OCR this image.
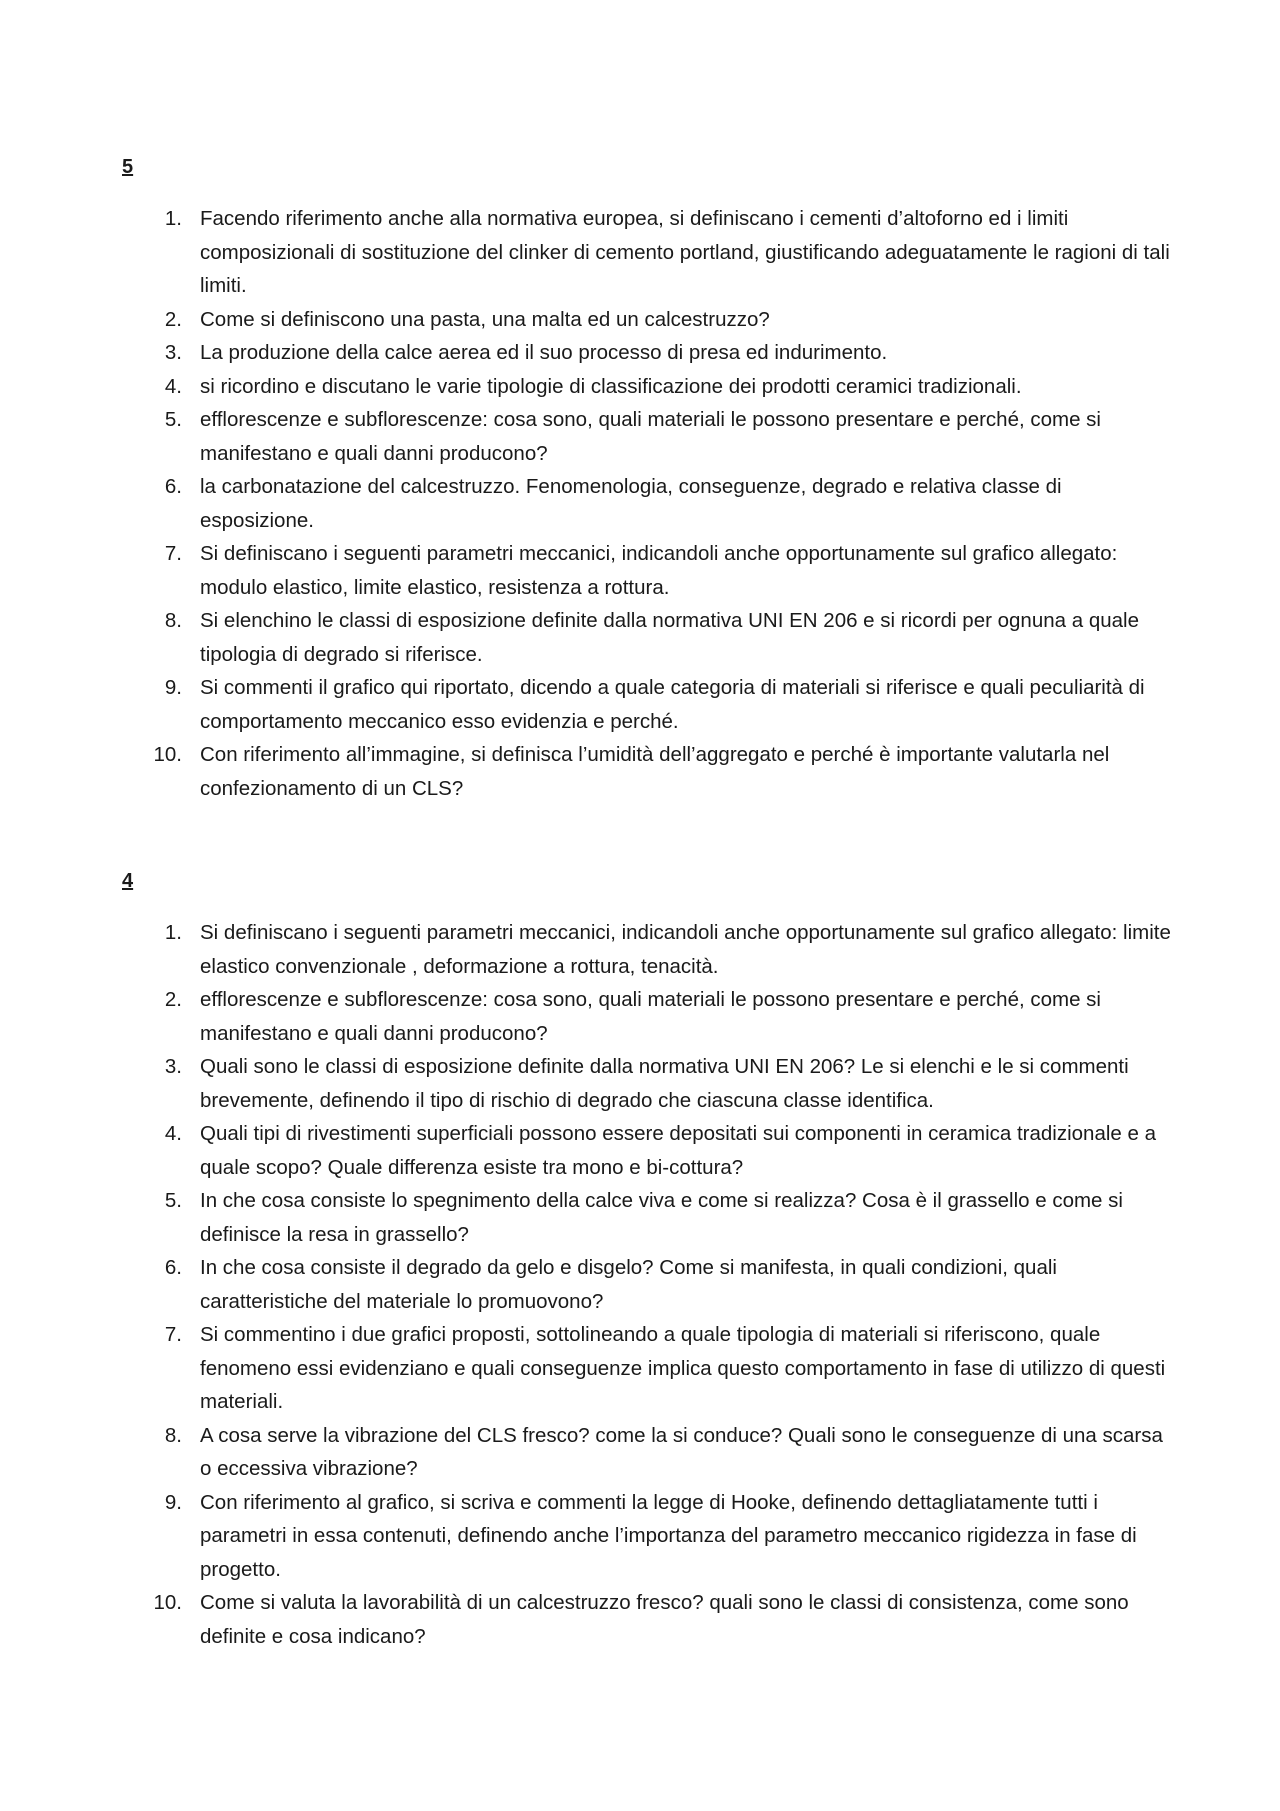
5
1. Facendo riferimento anche alla normativa europea, si definiscano i cementi d’altoforno ed i limiti composizionali di sostituzione del clinker di cemento portland, giustificando adeguatamente le ragioni di tali limiti.
2. Come si definiscono una pasta, una malta ed un calcestruzzo?
3. La produzione della calce aerea ed il suo processo di presa ed indurimento.
4. si ricordino e discutano le varie tipologie di classificazione dei prodotti ceramici tradizionali.
5. efflorescenze e subflorescenze: cosa sono, quali materiali le possono presentare e perché, come si manifestano e quali danni producono?
6. la carbonatazione del calcestruzzo. Fenomenologia, conseguenze, degrado e relativa classe di esposizione.
7. Si definiscano i seguenti parametri meccanici, indicandoli anche opportunamente sul grafico allegato: modulo elastico, limite elastico, resistenza a rottura.
8. Si elenchino le classi di esposizione definite dalla normativa UNI EN 206 e si ricordi per ognuna a quale tipologia di degrado si riferisce.
9. Si commenti il grafico qui riportato, dicendo a quale categoria di materiali si riferisce e quali peculiarità di comportamento meccanico esso evidenzia e perché.
10. Con riferimento all’immagine, si definisca l’umidità dell’aggregato e perché è importante valutarla nel confezionamento di un CLS?
4
1. Si definiscano i seguenti parametri meccanici, indicandoli anche opportunamente sul grafico allegato: limite elastico convenzionale , deformazione a rottura, tenacità.
2. efflorescenze e subflorescenze: cosa sono, quali materiali le possono presentare e perché, come si manifestano e quali danni producono?
3. Quali sono le classi di esposizione definite dalla normativa UNI EN 206? Le si elenchi e le si commenti brevemente, definendo il tipo di rischio di degrado che ciascuna classe identifica.
4. Quali tipi di rivestimenti superficiali possono essere depositati sui componenti in ceramica tradizionale e a quale scopo? Quale differenza esiste tra mono e bi-cottura?
5. In che cosa consiste lo spegnimento della calce viva e come si realizza? Cosa è il grassello e come si definisce la resa in grassello?
6. In che cosa consiste il degrado da gelo e disgelo? Come si manifesta, in quali condizioni, quali caratteristiche del materiale lo promuovono?
7. Si commentino i due grafici proposti, sottolineando a quale tipologia di materiali si riferiscono, quale fenomeno essi evidenziano e quali conseguenze implica questo comportamento in fase di utilizzo di questi materiali.
8. A cosa serve la vibrazione del CLS fresco? come la si conduce? Quali sono le conseguenze di una scarsa o eccessiva vibrazione?
9. Con riferimento al grafico, si scriva e commenti la legge di Hooke, definendo dettagliatamente tutti i parametri in essa contenuti, definendo anche l’importanza del parametro meccanico rigidezza in fase di progetto.
10. Come si valuta la lavorabilità di un calcestruzzo fresco? quali sono le classi di consistenza, come sono definite e cosa indicano?
